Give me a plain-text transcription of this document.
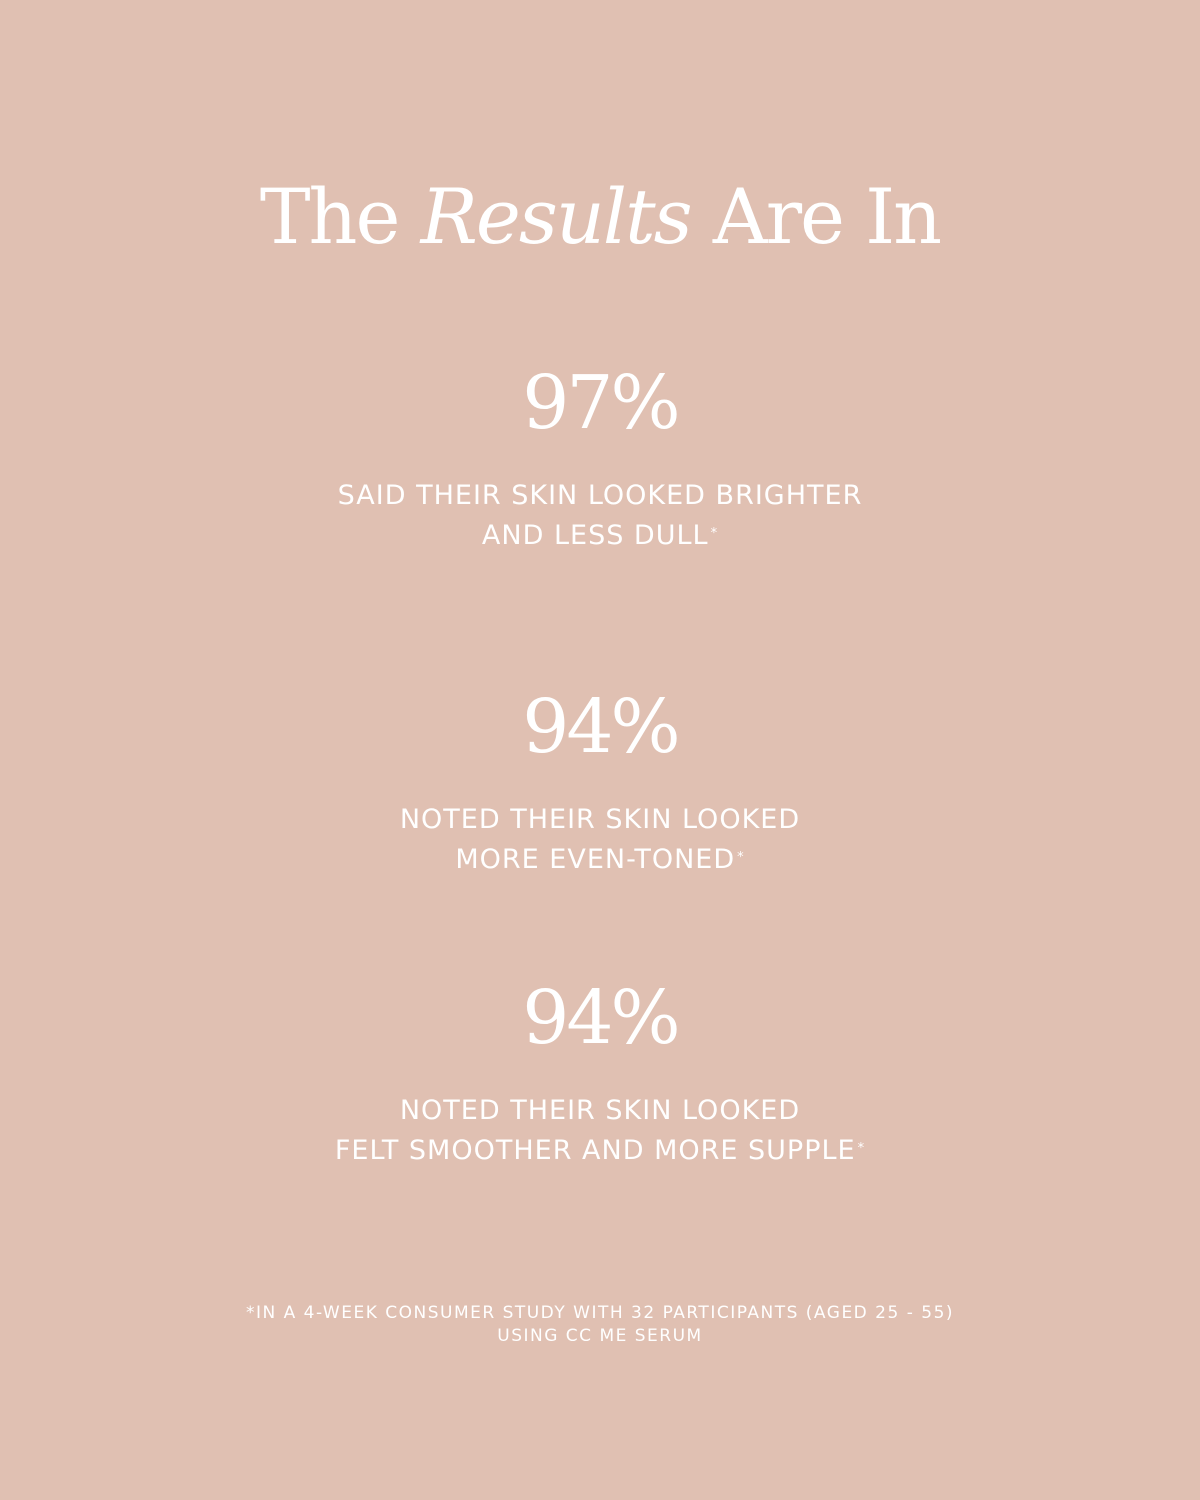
The Results Are In
97%
SAID THEIR SKIN LOOKED BRIGHTER
AND LESS DULL *
94%
NOTED THEIR SKIN LOOKED
MORE EVEN-TONED *
94%
NOTED THEIR SKIN LOOKED
FELT SMOOTHER AND MORE SUPPLE *
*IN A 4-WEEK CONSUMER STUDY WITH 32 PARTICIPANTS (AGED 25 - 55)
USING CC ME SERUM
